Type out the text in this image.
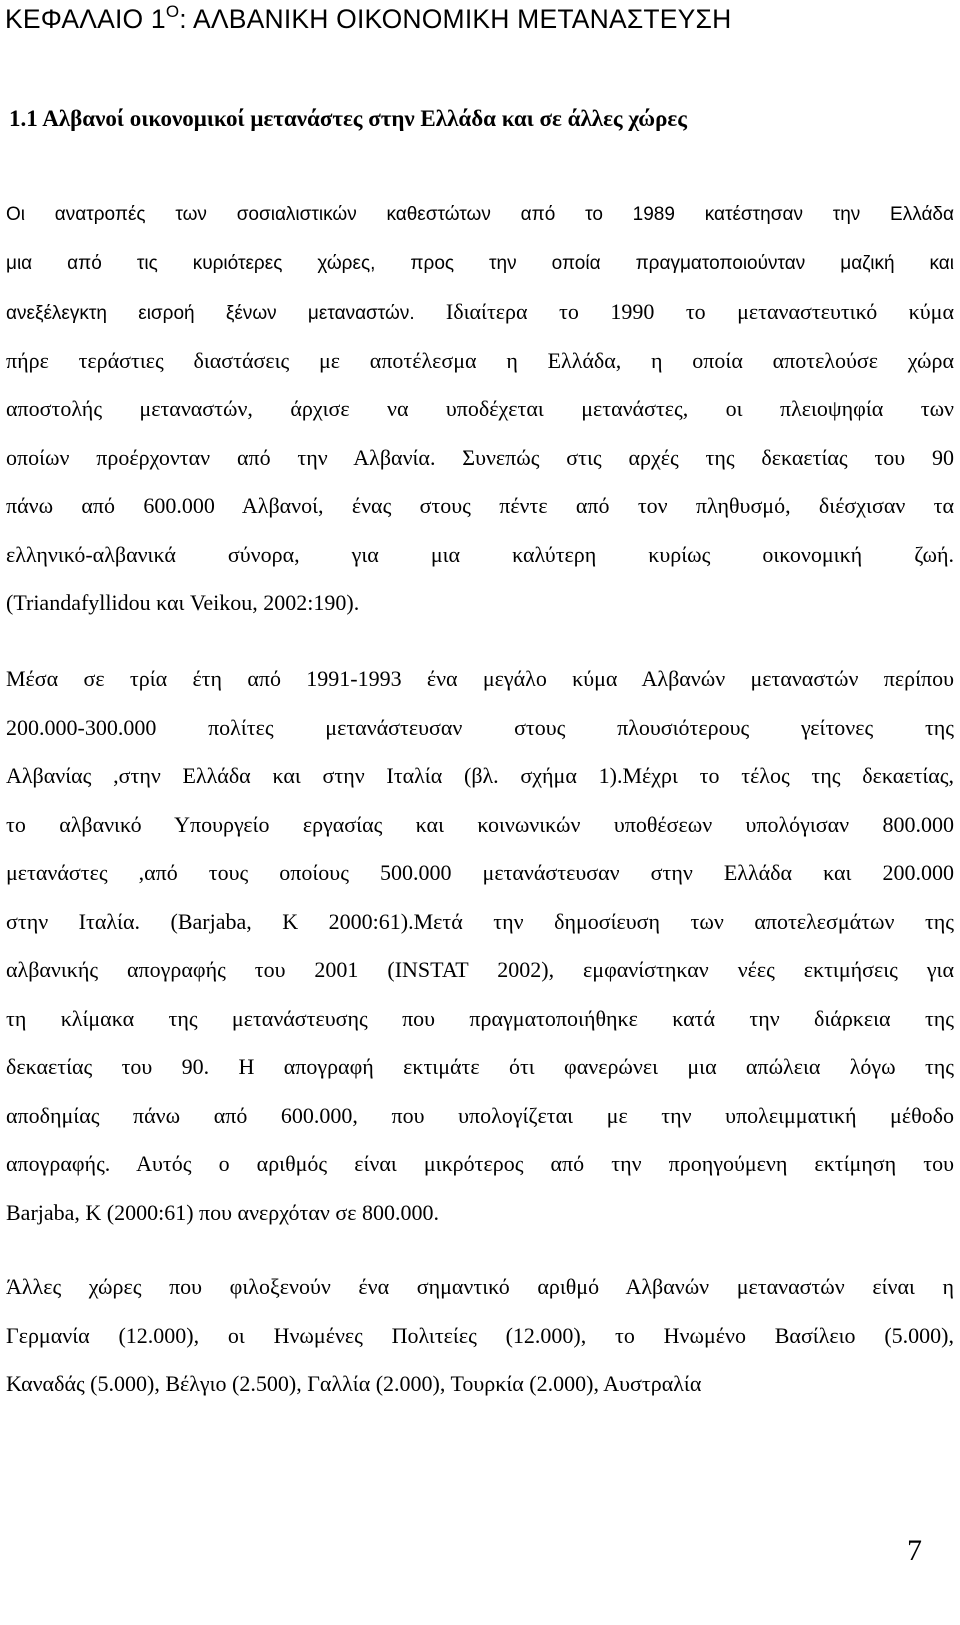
ΚΕΦΑΛΑΙΟ $1^O$: ΑΛΒΑΝΙΚΗ ΟΙΚΟΝΟΜΙΚΗ ΜΕΤΑΝΑΣΤΕΥΣΗ
1.1 Αλβανοί οικονομικοί μετανάστες στην Ελλάδα και σε άλλες χώρες
Οι ανατροπές των σοσιαλιστικών καθεστώτων από το 1989 κατέστησαν την Ελλάδα
μια από τις κυριότερες χώρες, προς την οποία πραγματοποιούνταν μαζική και
ανεξέλεγκτη εισροή ξένων μεταναστών. Ιδιαίτερα το 1990 το μεταναστευτικό κύμα
πήρε τεράστιες διαστάσεις με αποτέλεσμα η Ελλάδα, η οποία αποτελούσε χώρα
αποστολής μεταναστών, άρχισε να υποδέχεται μετανάστες, οι πλειοψηφία των
οποίων προέρχονταν από την Αλβανία. Συνεπώς στις αρχές της δεκαετίας του 90
πάνω από 600.000 Αλβανοί, ένας στους πέντε από τον πληθυσμό, διέσχισαν τα
ελληνικό-αλβανικά σύνορα, για μια καλύτερη κυρίως οικονομική ζωή.
(Triandafyllidou και Veikou, 2002:190).
Μέσα σε τρία έτη από 1991-1993 ένα μεγάλο κύμα Αλβανών μεταναστών περίπου
200.000-300.000 πολίτες μετανάστευσαν στους πλουσιότερους γείτονες της
Αλβανίας ,στην Ελλάδα και στην Ιταλία (βλ. σχήμα 1).Μέχρι το τέλος της δεκαετίας,
το αλβανικό Υπουργείο εργασίας και κοινωνικών υποθέσεων υπολόγισαν 800.000
μετανάστες ,από τους οποίους 500.000 μετανάστευσαν στην Ελλάδα και 200.000
στην Ιταλία. (Barjaba, K 2000:61).Μετά την δημοσίευση των αποτελεσμάτων της
αλβανικής απογραφής του 2001 (INSTAT 2002), εμφανίστηκαν νέες εκτιμήσεις για
τη κλίμακα της μετανάστευσης που πραγματοποιήθηκε κατά την διάρκεια της
δεκαετίας του 90. Η απογραφή εκτιμάτε ότι φανερώνει μια απώλεια λόγω της
αποδημίας πάνω από 600.000, που υπολογίζεται με την υπολειμματική μέθοδο
απογραφής. Αυτός ο αριθμός είναι μικρότερος από την προηγούμενη εκτίμηση του
Barjaba, K (2000:61) που ανερχόταν σε 800.000.
Άλλες χώρες που φιλοξενούν ένα σημαντικό αριθμό Αλβανών μεταναστών είναι η
Γερμανία (12.000), οι Ηνωμένες Πολιτείες (12.000), το Ηνωμένο Βασίλειο (5.000),
Καναδάς (5.000), Βέλγιο (2.500), Γαλλία (2.000), Τουρκία (2.000), Αυστραλία
7
